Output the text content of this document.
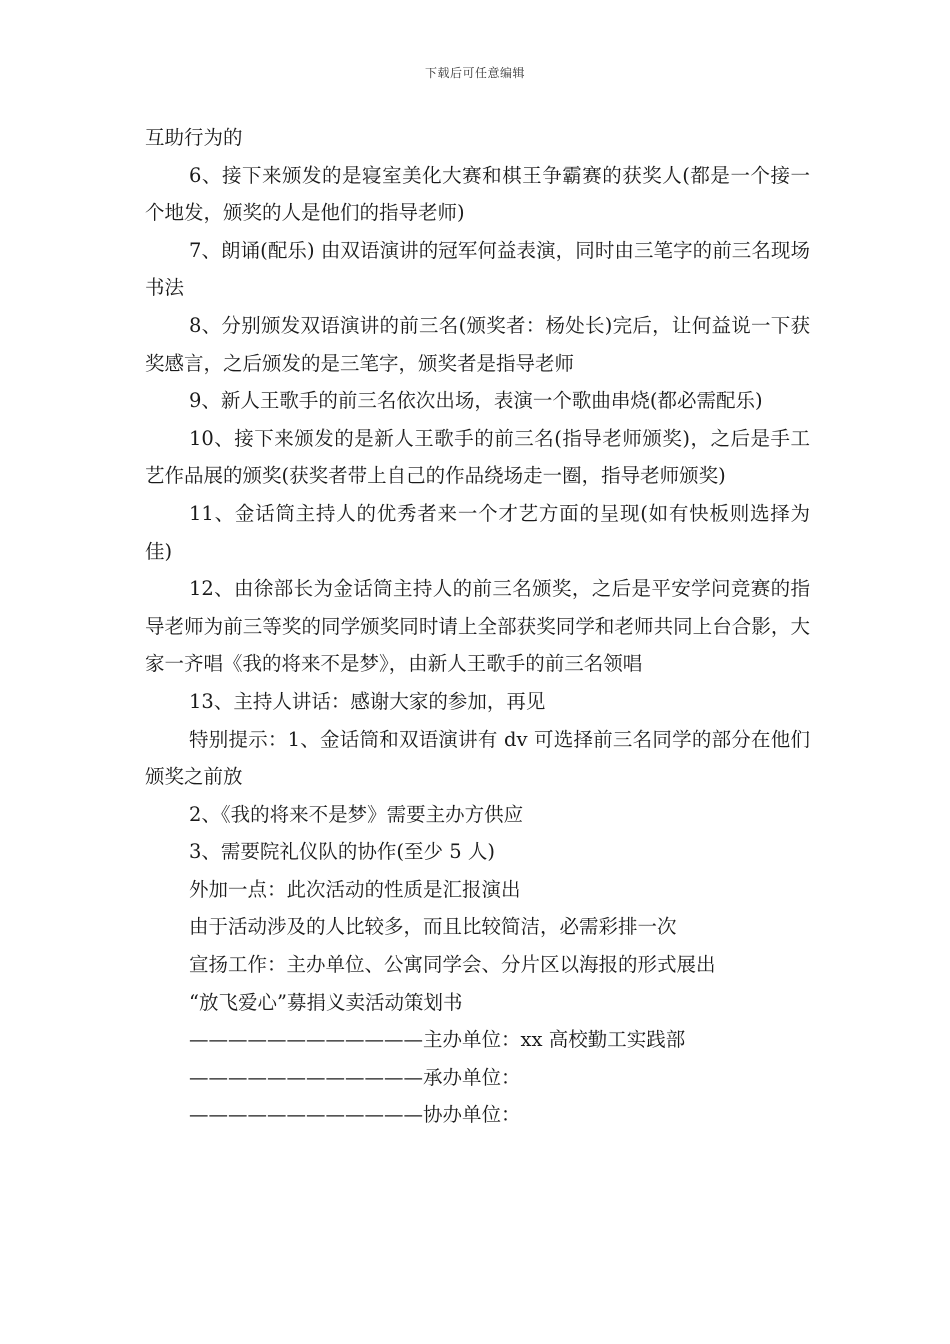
下载后可任意编辑

互助行为的

6、接下来颁发的是寝室美化大赛和棋王争霸赛的获奖人(都是一个接一个地发，颁奖的人是他们的指导老师)

7、朗诵(配乐) 由双语演讲的冠军何益表演，同时由三笔字的前三名现场书法

8、分别颁发双语演讲的前三名(颁奖者：杨处长)完后，让何益说一下获奖感言，之后颁发的是三笔字，颁奖者是指导老师

9、新人王歌手的前三名依次出场，表演一个歌曲串烧(都必需配乐)

10、接下来颁发的是新人王歌手的前三名(指导老师颁奖)，之后是手工艺作品展的颁奖(获奖者带上自己的作品绕场走一圈，指导老师颁奖)

11、金话筒主持人的优秀者来一个才艺方面的呈现(如有快板则选择为佳)

12、由徐部长为金话筒主持人的前三名颁奖，之后是平安学问竞赛的指导老师为前三等奖的同学颁奖同时请上全部获奖同学和老师共同上台合影，大家一齐唱《我的将来不是梦》，由新人王歌手的前三名领唱

13、主持人讲话：感谢大家的参加，再见

特别提示：1、金话筒和双语演讲有 dv 可选择前三名同学的部分在他们颁奖之前放

2、《我的将来不是梦》需要主办方供应

3、需要院礼仪队的协作(至少 5 人)

外加一点：此次活动的性质是汇报演出

由于活动涉及的人比较多，而且比较简洁，必需彩排一次

宣扬工作：主办单位、公寓同学会、分片区以海报的形式展出

“放飞爱心”募捐义卖活动策划书

————————————主办单位：xx 高校勤工实践部

————————————承办单位：

————————————协办单位：
